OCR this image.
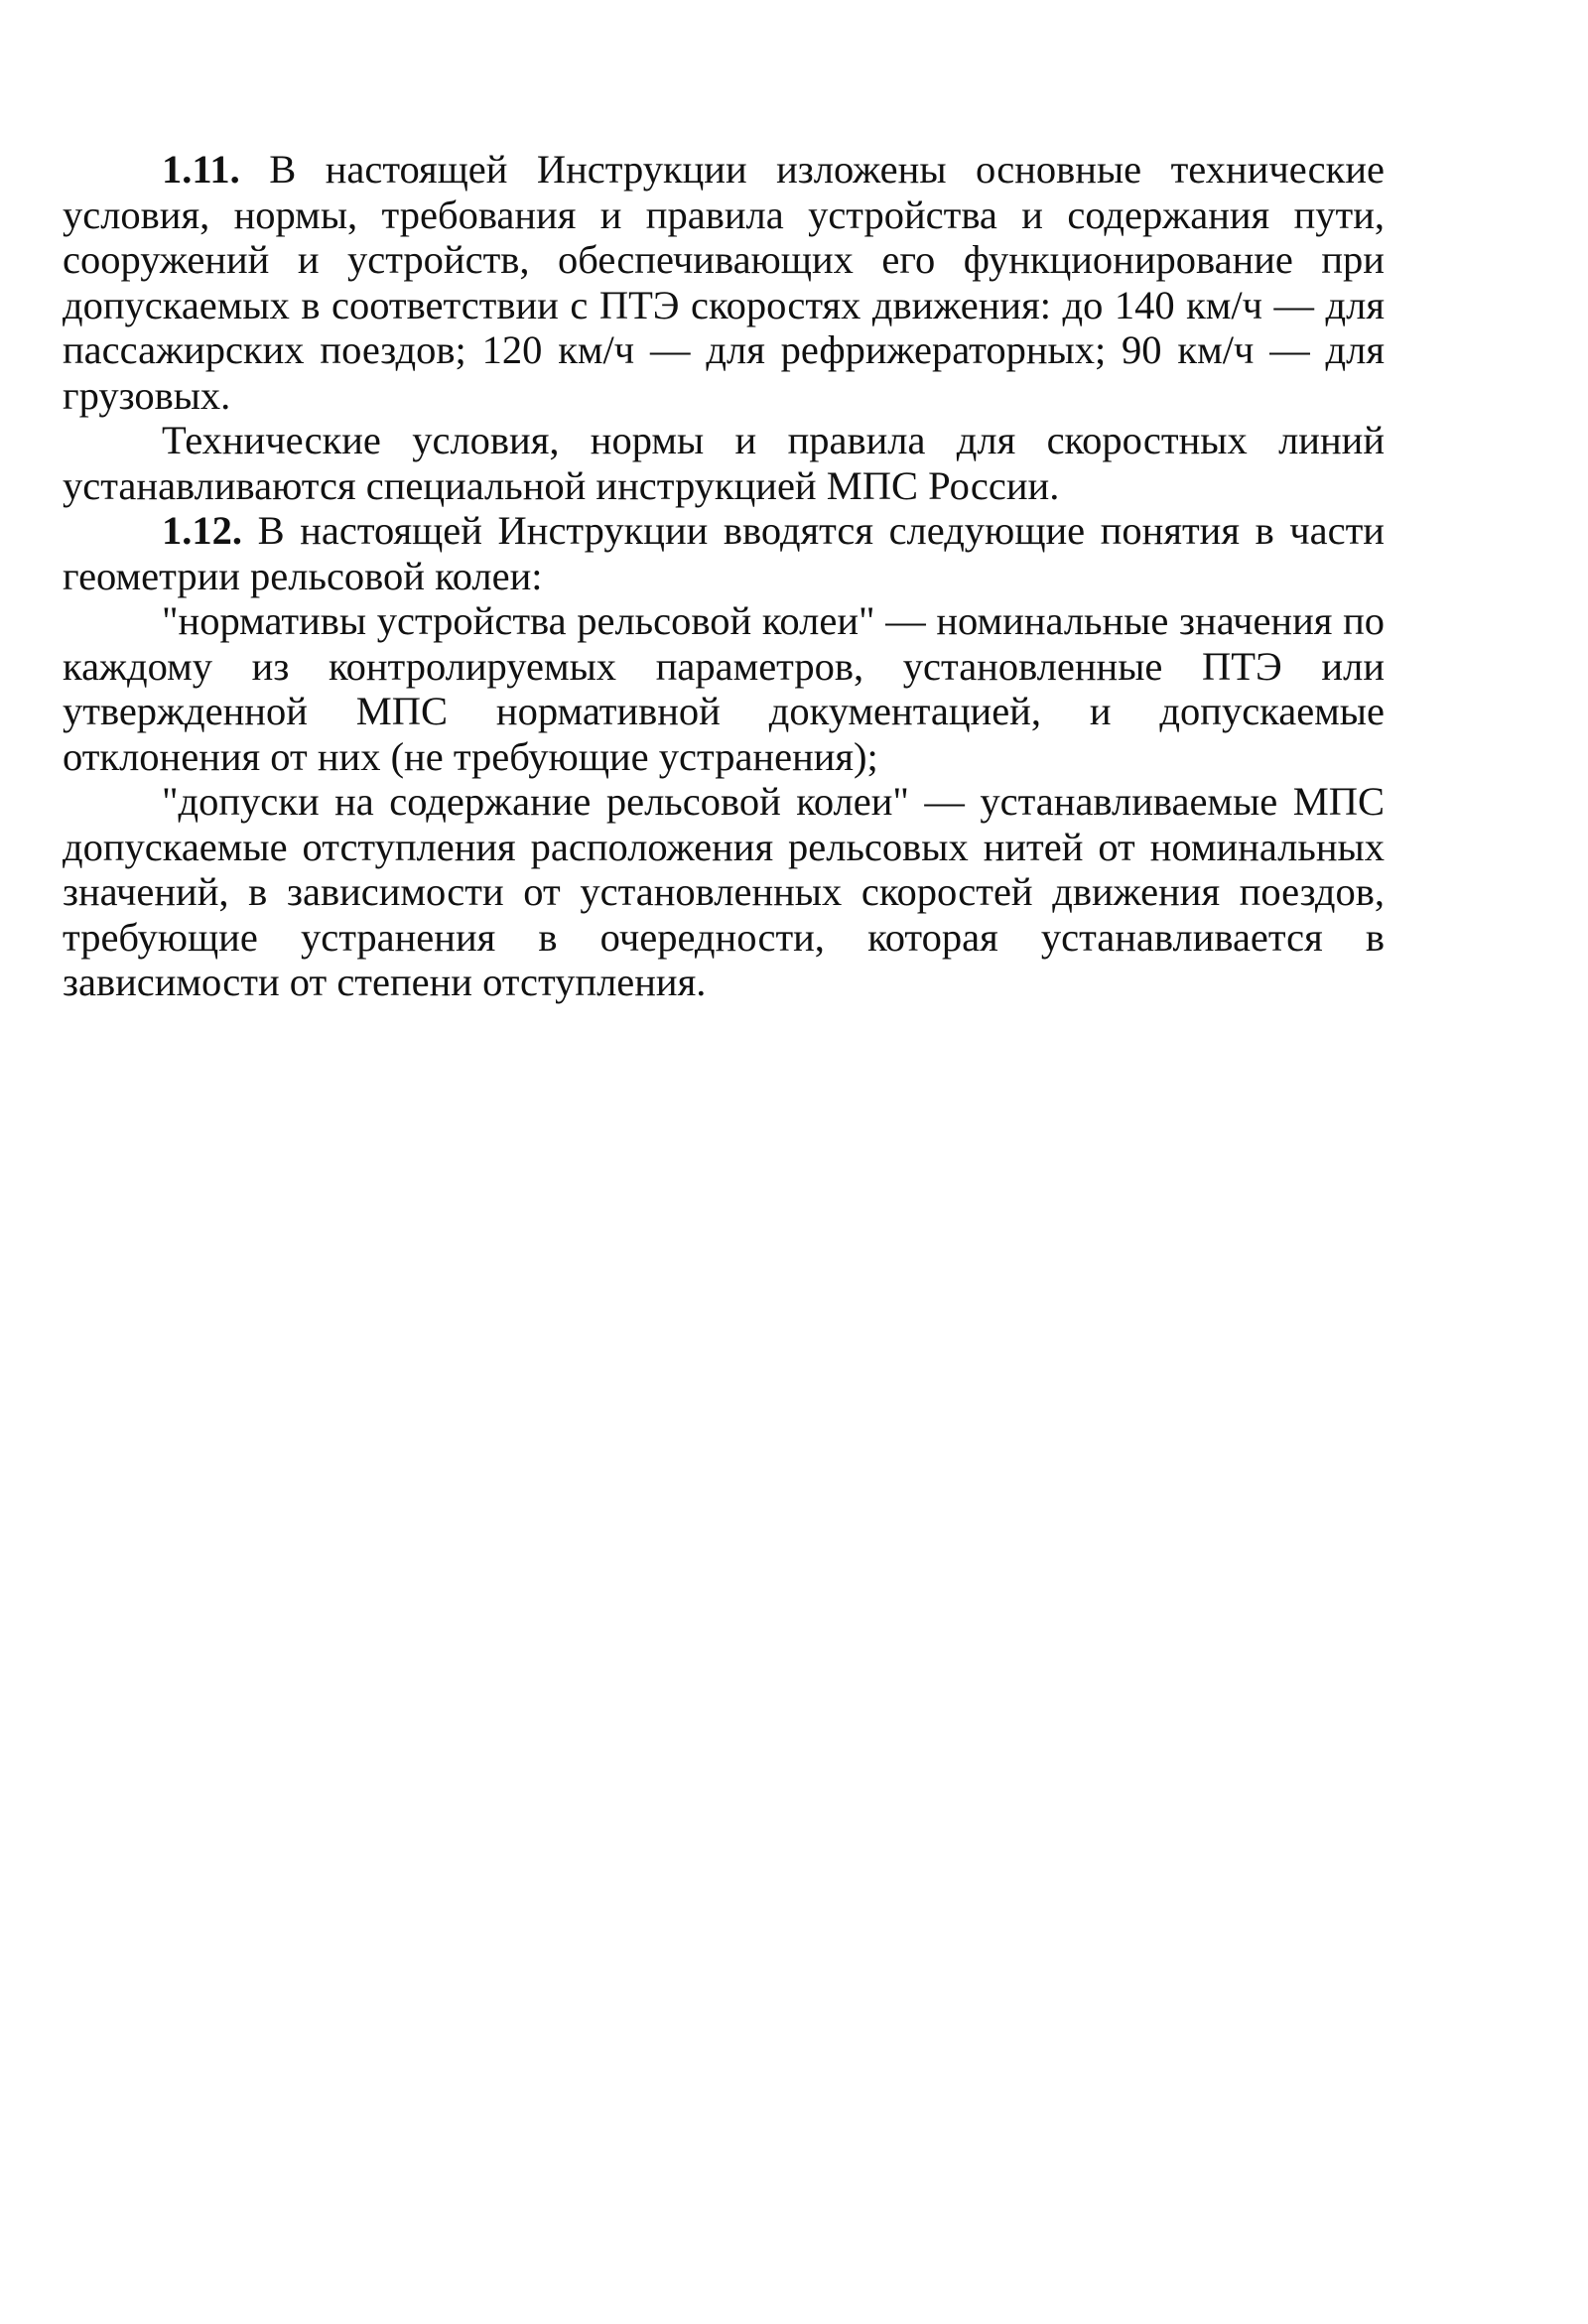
1.11. В настоящей Инструкции изложены основные технические условия, нормы, требования и правила устройства и содержания пути, сооружений и устройств, обеспечивающих его функционирование при допускаемых в соответствии с ПТЭ скоростях движения: до 140 км/ч — для пассажирских поездов; 120 км/ч — для рефрижераторных; 90 км/ч — для грузовых.

Технические условия, нормы и правила для скоростных линий устанавливаются специальной инструкцией МПС России.

1.12. В настоящей Инструкции вводятся следующие понятия в части геометрии рельсовой колеи:

"нормативы устройства рельсовой колеи" — номинальные значения по каждому из контролируемых параметров, установленные ПТЭ или утвержденной МПС нормативной документацией, и допускаемые отклонения от них (не требующие устранения);

"допуски на содержание рельсовой колеи" — устанавливаемые МПС допускаемые отступления расположения рельсовых нитей от номинальных значений, в зависимости от установленных скоростей движения поездов, требующие устранения в очередности, которая устанавливается в зависимости от степени отступления.
